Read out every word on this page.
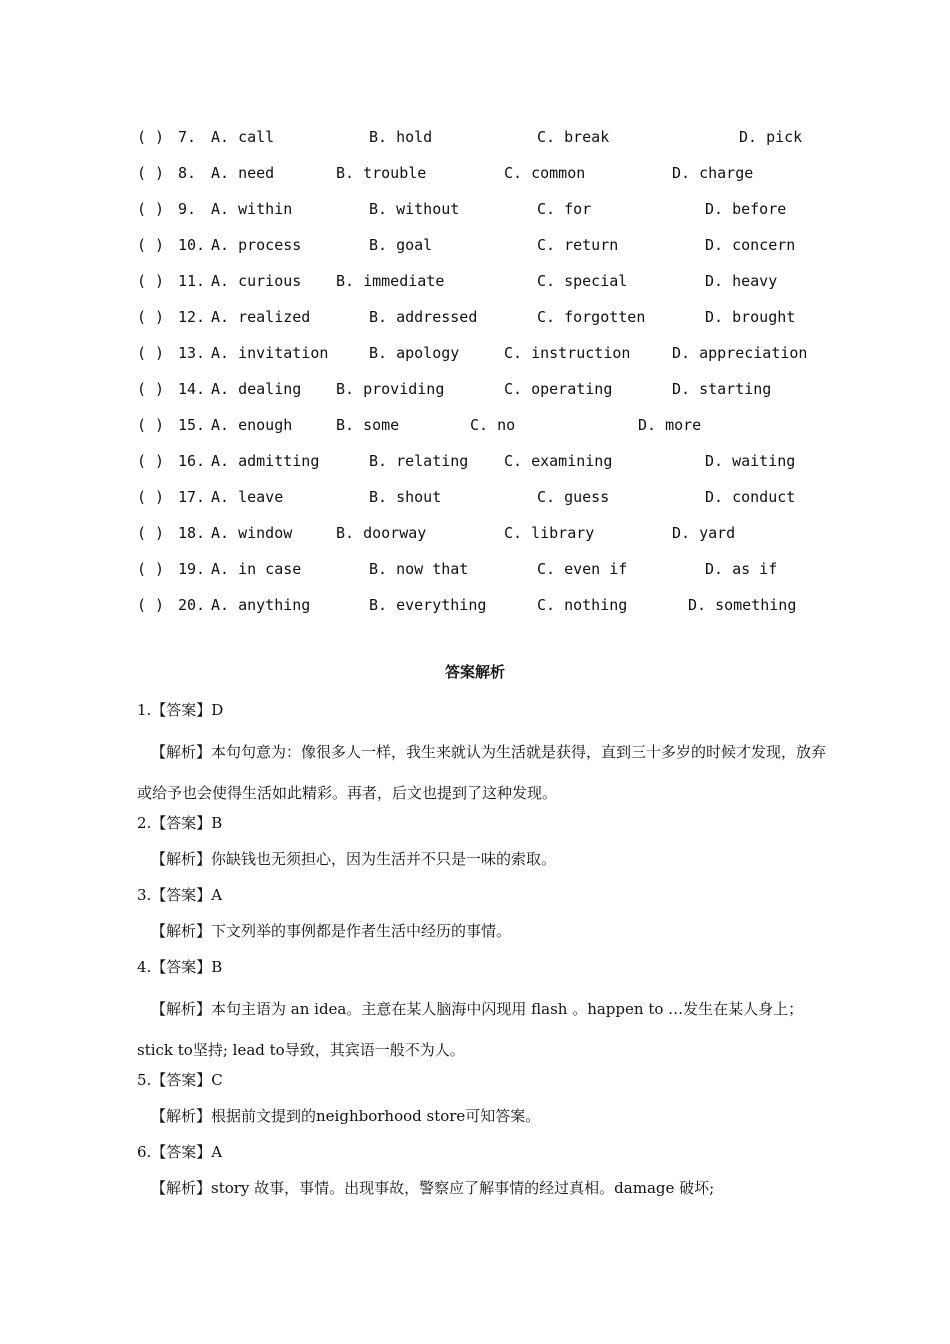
( ) 7. A. call	B. hold	C. break	D. pick
( ) 8. A. need	B. trouble	C. common	D. charge
( ) 9. A. within	B. without	C. for	D. before
( ) 10. A. process	B. goal	C. return	D. concern
( ) 11. A. curious B. immediate	C. special	D. heavy
( ) 12. A. realized	B. addressed	C. forgotten	D. brought
( ) 13. A. invitation	B. apology	C. instruction	D. appreciation
( ) 14. A. dealing B. providing	C. operating	D. starting
( ) 15. A. enough	B. some	C. no	D. more
( ) 16. A. admitting	B. relating C. examining	D. waiting
( ) 17. A. leave	B. shout	C. guess	D. conduct
( ) 18. A. window	B. doorway	C. library	D. yard
( ) 19. A. in case	B. now that	C. even if	D. as if
( ) 20. A. anything	B. everything	C. nothing	D. something
答案解析
1.【答案】D
【解析】本句句意为：像很多人一样，我生来就认为生活就是获得，直到三十多岁的时候才发现，放弃或给予也会使得生活如此精彩。再者，后文也提到了这种发现。
2.【答案】B
【解析】你缺钱也无须担心，因为生活并不只是一味的索取。
3.【答案】A
【解析】下文列举的事例都是作者生活中经历的事情。
4.【答案】B
【解析】本句主语为 an idea。主意在某人脑海中闪现用 flash 。happen to …发生在某人身上；stick to坚持; lead to导致，其宾语一般不为人。
5.【答案】C
【解析】根据前文提到的neighborhood store可知答案。
6.【答案】A
【解析】story 故事，事情。出现事故，警察应了解事情的经过真相。damage 破坏;
